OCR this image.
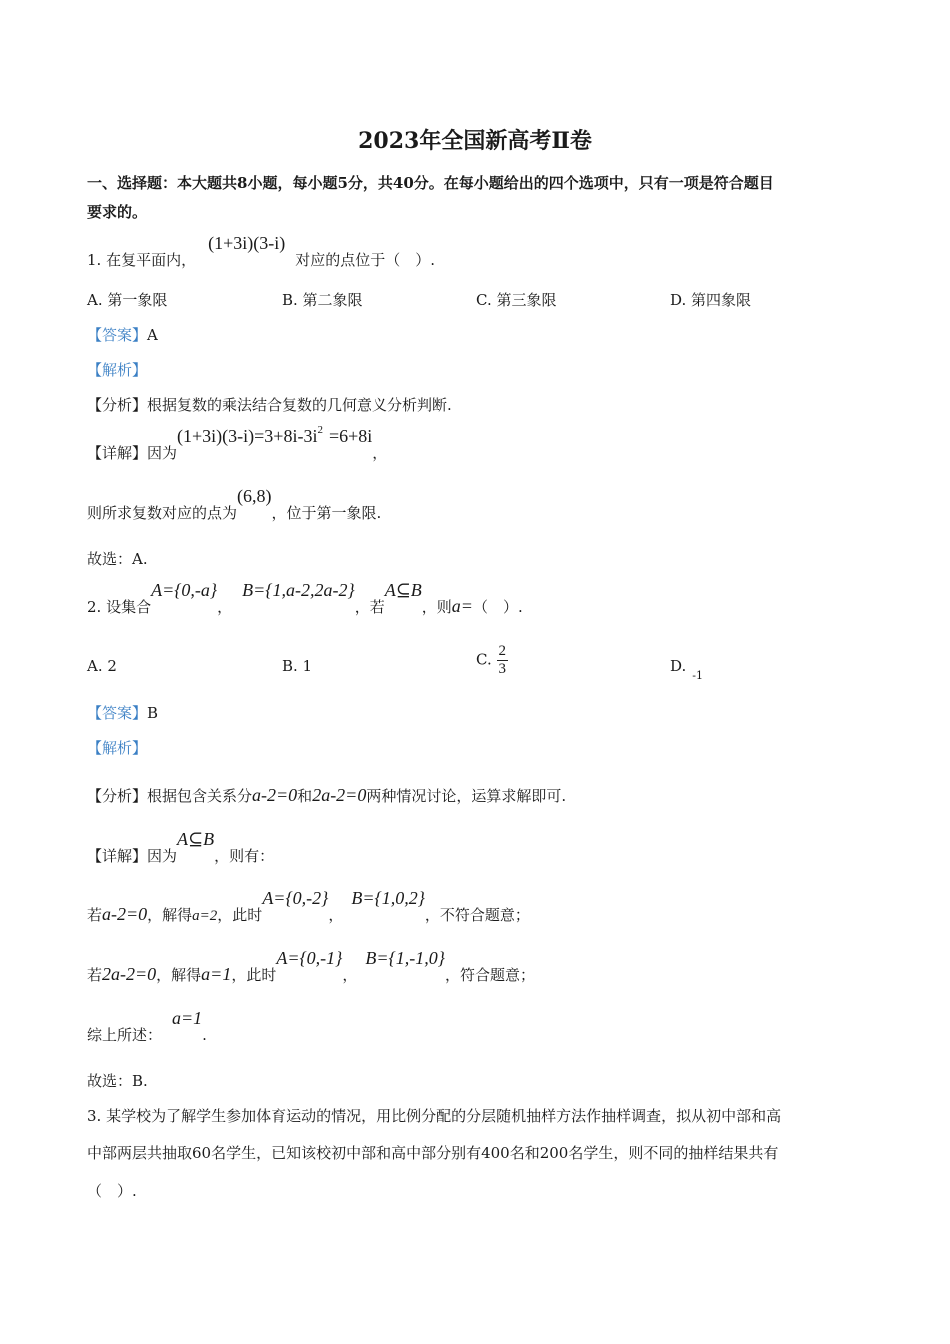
2023年全国新高考Ⅱ卷
一、选择题：本大题共8小题，每小题5分，共40分。在每小题给出的四个选项中，只有一项是符合题目
要求的。
1. 在复平面内，(1+3i)(3-i)对应的点位于（　）.
A. 第一象限	B. 第二象限	C. 第三象限	D. 第四象限
【答案】A
【解析】
【分析】根据复数的乘法结合复数的几何意义分析判断.
【详解】因为$(1+3i)(3-i)=3+8i-3i^2 =6+8i$，
则所求复数对应的点为(6,8)，位于第一象限.
故选：A.
2. 设集合A={0,-a}，B={1,a-2,2a-2}，若A⊆B，则a=（　）.
A. 2	B. 1	C. $\frac{2}{3}$	$D._{-1}$
【答案】B
【解析】
【分析】根据包含关系分a-2=0和2a-2=0两种情况讨论，运算求解即可.
【详解】因为A⊆B，则有：
若a-2=0，解得a=2，此时A={0,-2}，B={1,0,2}，不符合题意；
若2a-2=0，解得a=1，此时A={0,-1}，B={1,-1,0}，符合题意；
综上所述：a=1.
故选：B.
3. 某学校为了解学生参加体育运动的情况，用比例分配的分层随机抽样方法作抽样调查，拟从初中部和高
中部两层共抽取60名学生，已知该校初中部和高中部分别有400名和200名学生，则不同的抽样结果共有
（　）.
